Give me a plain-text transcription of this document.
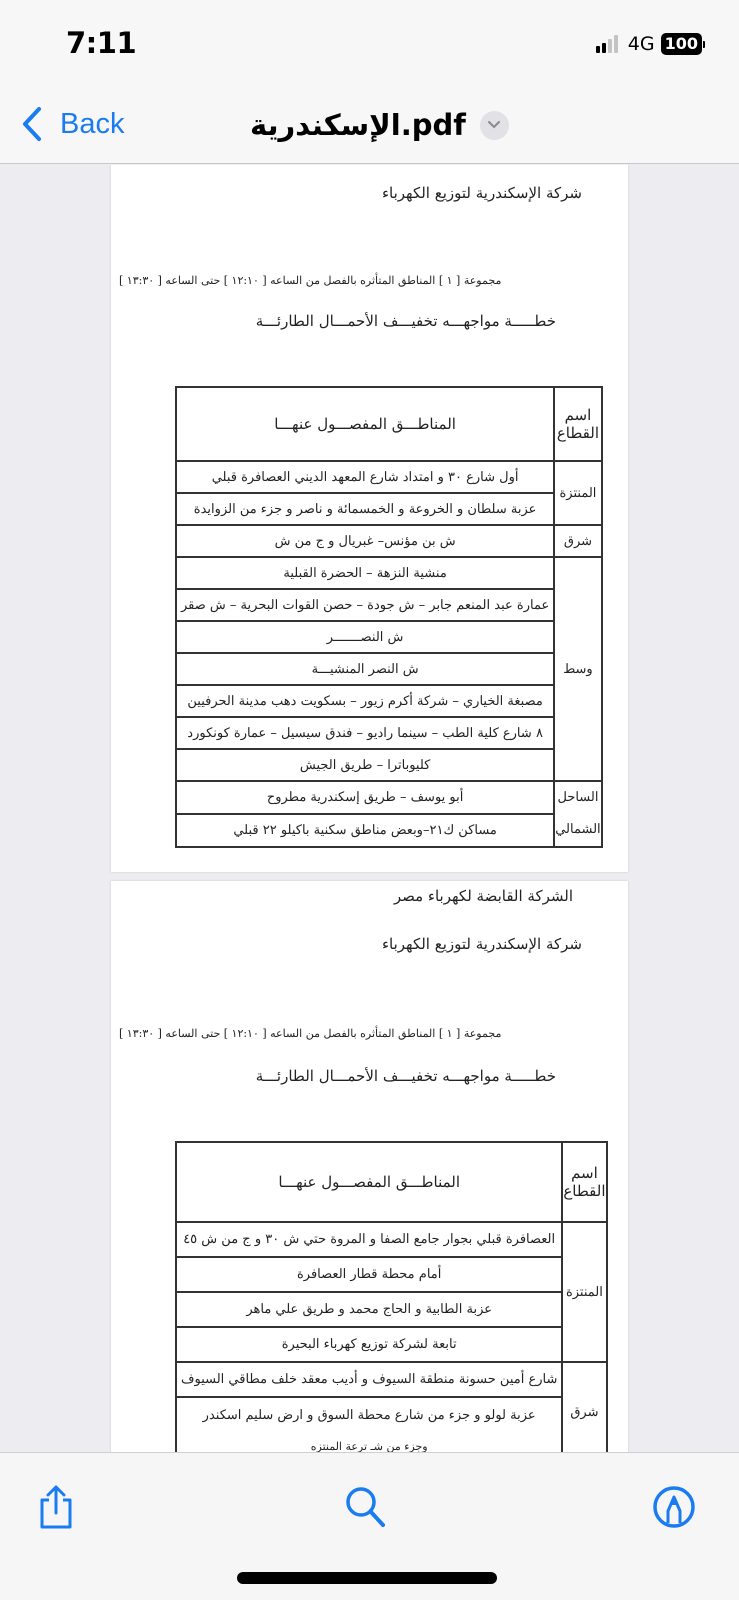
7:11	4G 100
Back	الإسكندرية.pdf
شركة الإسكندرية لتوزيع الكهرباء
مجموعة [ ١ ] المناطق المتأثره بالفصل من الساعه [ ١٢:١٠ ] حتى الساعه [ ١٣:٣٠ ]
خطـــــة مواجهـــه تخفيـــف الأحمـــال الطارئـــة
اسم القطاع	المناطـــق المفصـــول عنهـــا
المنتزة	أول شارع ٣٠ و امتداد شارع المعهد الديني العصافرة قبلي
	عزبة سلطان و الخروعة و الخمسمائة و ناصر و جزء من الزوايدة
شرق	ش بن مؤنس– غبريال و ج من ش
وسط	منشية النزهة – الحضرة القبلية
	عمارة عبد المنعم جابر – ش جودة – حصن القوات البحرية – ش صقر
	ش النصـــــــر
	ش النصر المنشيـــة
	مصبغة الخياري – شركة أكرم زيور – بسكويت دهب مدينة الحرفيين
	٨ شارع كلية الطب – سينما راديو – فندق سيسيل – عمارة كونكورد
	كليوباترا – طريق الجيش
الساحل الشمالي	أبو يوسف – طريق إسكندرية مطروح
	مساكن ك٢١–وبعض مناطق سكنية باكيلو ٢٢ قبلي
الشركة القابضة لكهرباء مصر
شركة الإسكندرية لتوزيع الكهرباء
مجموعة [ ١ ] المناطق المتأثره بالفصل من الساعه [ ١٢:١٠ ] حتى الساعه [ ١٣:٣٠ ]
خطـــــة مواجهـــه تخفيـــف الأحمـــال الطارئـــة
اسم القطاع	المناطـــق المفصـــول عنهـــا
المنتزة	العصافرة قبلي بجوار جامع الصفا و المروة حتي ش ٣٠ و ج من ش ٤٥
	أمام محطة قطار العصافرة
	عزبة الطابية و الحاج محمد و طريق علي ماهر
	تابعة لشركة توزيع كهرباء البحيرة
شرق	شارع أمين حسونة منطقة السيوف و أديب معقد خلف مطاقي السيوف
	عزبة لولو و جزء من شارع محطة السوق و ارض سليم اسكندر
	وجزء من شـ ترعة المنتزه
